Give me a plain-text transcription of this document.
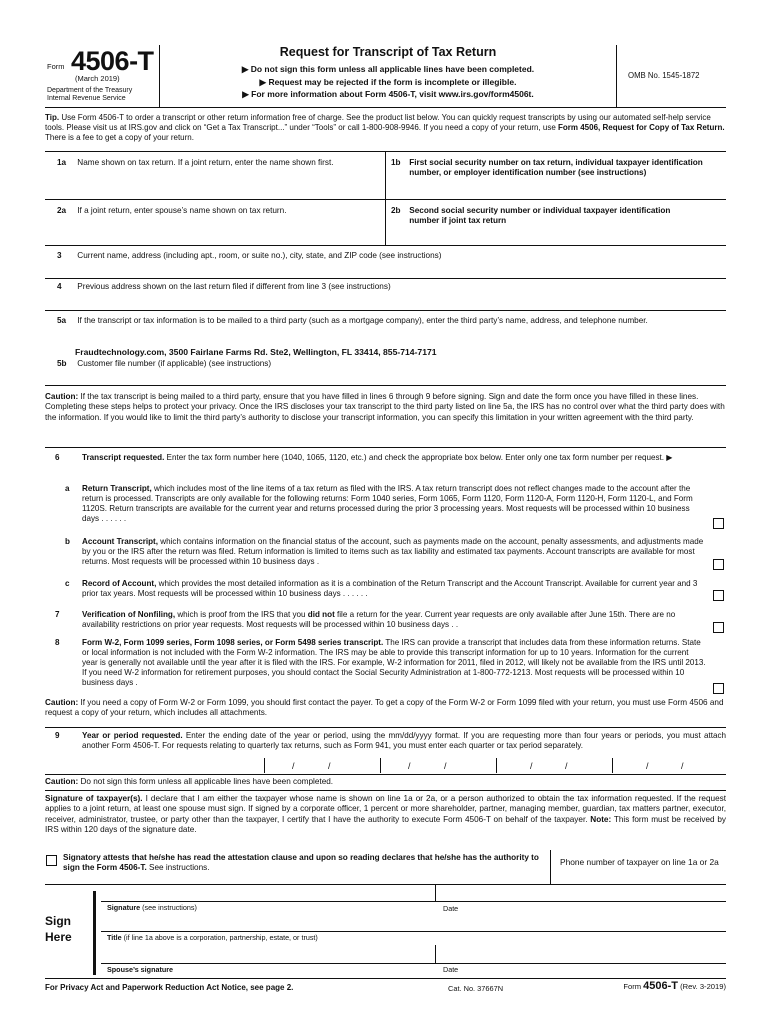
Form 4506-T
(March 2019)
Department of the Treasury
Internal Revenue Service
Request for Transcript of Tax Return
▶ Do not sign this form unless all applicable lines have been completed.
▶ Request may be rejected if the form is incomplete or illegible.
▶ For more information about Form 4506-T, visit www.irs.gov/form4506t.
OMB No. 1545-1872
Tip. Use Form 4506-T to order a transcript or other return information free of charge. See the product list below. You can quickly request transcripts by using our automated self-help service tools. Please visit us at IRS.gov and click on “Get a Tax Transcript...” under “Tools” or call 1-800-908-9946. If you need a copy of your return, use Form 4506, Request for Copy of Tax Return. There is a fee to get a copy of your return.
1a Name shown on tax return. If a joint return, enter the name shown first.	1b First social security number on tax return, individual taxpayer identification number, or employer identification number (see instructions)
2a If a joint return, enter spouse’s name shown on tax return.	2b Second social security number or individual taxpayer identification number if joint tax return
3 Current name, address (including apt., room, or suite no.), city, state, and ZIP code (see instructions)
4 Previous address shown on the last return filed if different from line 3 (see instructions)
5a If the transcript or tax information is to be mailed to a third party (such as a mortgage company), enter the third party’s name, address, and telephone number.
Fraudtechnology.com, 3500 Fairlane Farms Rd. Ste2, Wellington, FL 33414, 855-714-7171
5b Customer file number (if applicable) (see instructions)
Caution: If the tax transcript is being mailed to a third party, ensure that you have filled in lines 6 through 9 before signing. Sign and date the form once you have filled in these lines. Completing these steps helps to protect your privacy. Once the IRS discloses your tax transcript to the third party listed on line 5a, the IRS has no control over what the third party does with the information. If you would like to limit the third party’s authority to disclose your transcript information, you can specify this limitation in your written agreement with the third party.
6	Transcript requested. Enter the tax form number here (1040, 1065, 1120, etc.) and check the appropriate box below. Enter only one tax form number per request. ▶
a Return Transcript, which includes most of the line items of a tax return as filed with the IRS. A tax return transcript does not reflect changes made to the account after the return is processed. Transcripts are only available for the following returns: Form 1040 series, Form 1065, Form 1120, Form 1120-A, Form 1120-H, Form 1120-L, and Form 1120S. Return transcripts are available for the current year and returns processed during the prior 3 processing years. Most requests will be processed within 10 business days . . . . . .
b Account Transcript, which contains information on the financial status of the account, such as payments made on the account, penalty assessments, and adjustments made by you or the IRS after the return was filed. Return information is limited to items such as tax liability and estimated tax payments. Account transcripts are available for most returns. Most requests will be processed within 10 business days .
c Record of Account, which provides the most detailed information as it is a combination of the Return Transcript and the Account Transcript. Available for current year and 3 prior tax years. Most requests will be processed within 10 business days . . . . . .
7	Verification of Nonfiling, which is proof from the IRS that you did not file a return for the year. Current year requests are only available after June 15th. There are no availability restrictions on prior year requests. Most requests will be processed within 10 business days . .
8	Form W-2, Form 1099 series, Form 1098 series, or Form 5498 series transcript. The IRS can provide a transcript that includes data from these information returns. State or local information is not included with the Form W-2 information. The IRS may be able to provide this transcript information for up to 10 years. Information for the current year is generally not available until the year after it is filed with the IRS. For example, W-2 information for 2011, filed in 2012, will likely not be available from the IRS until 2013. If you need W-2 information for retirement purposes, you should contact the Social Security Administration at 1-800-772-1213. Most requests will be processed within 10 business days .
Caution: If you need a copy of Form W-2 or Form 1099, you should first contact the payer. To get a copy of the Form W-2 or Form 1099 filed with your return, you must use Form 4506 and request a copy of your return, which includes all attachments.
9	Year or period requested. Enter the ending date of the year or period, using the mm/dd/yyyy format. If you are requesting more than four years or periods, you must attach another Form 4506-T. For requests relating to quarterly tax returns, such as Form 941, you must enter each quarter or tax period separately.
/	/	/	/	/	/	/	/
Caution: Do not sign this form unless all applicable lines have been completed.
Signature of taxpayer(s). I declare that I am either the taxpayer whose name is shown on line 1a or 2a, or a person authorized to obtain the tax information requested. If the request applies to a joint return, at least one spouse must sign. If signed by a corporate officer, 1 percent or more shareholder, partner, managing member, guardian, tax matters partner, executor, receiver, administrator, trustee, or party other than the taxpayer, I certify that I have the authority to execute Form 4506-T on behalf of the taxpayer. Note: This form must be received by IRS within 120 days of the signature date.
Signatory attests that he/she has read the attestation clause and upon so reading declares that he/she has the authority to sign the Form 4506-T. See instructions.
Phone number of taxpayer on line 1a or 2a
Sign
Here
Signature (see instructions)	Date
Title (if line 1a above is a corporation, partnership, estate, or trust)
Spouse’s signature	Date
For Privacy Act and Paperwork Reduction Act Notice, see page 2.	Cat. No. 37667N	Form 4506-T (Rev. 3-2019)
